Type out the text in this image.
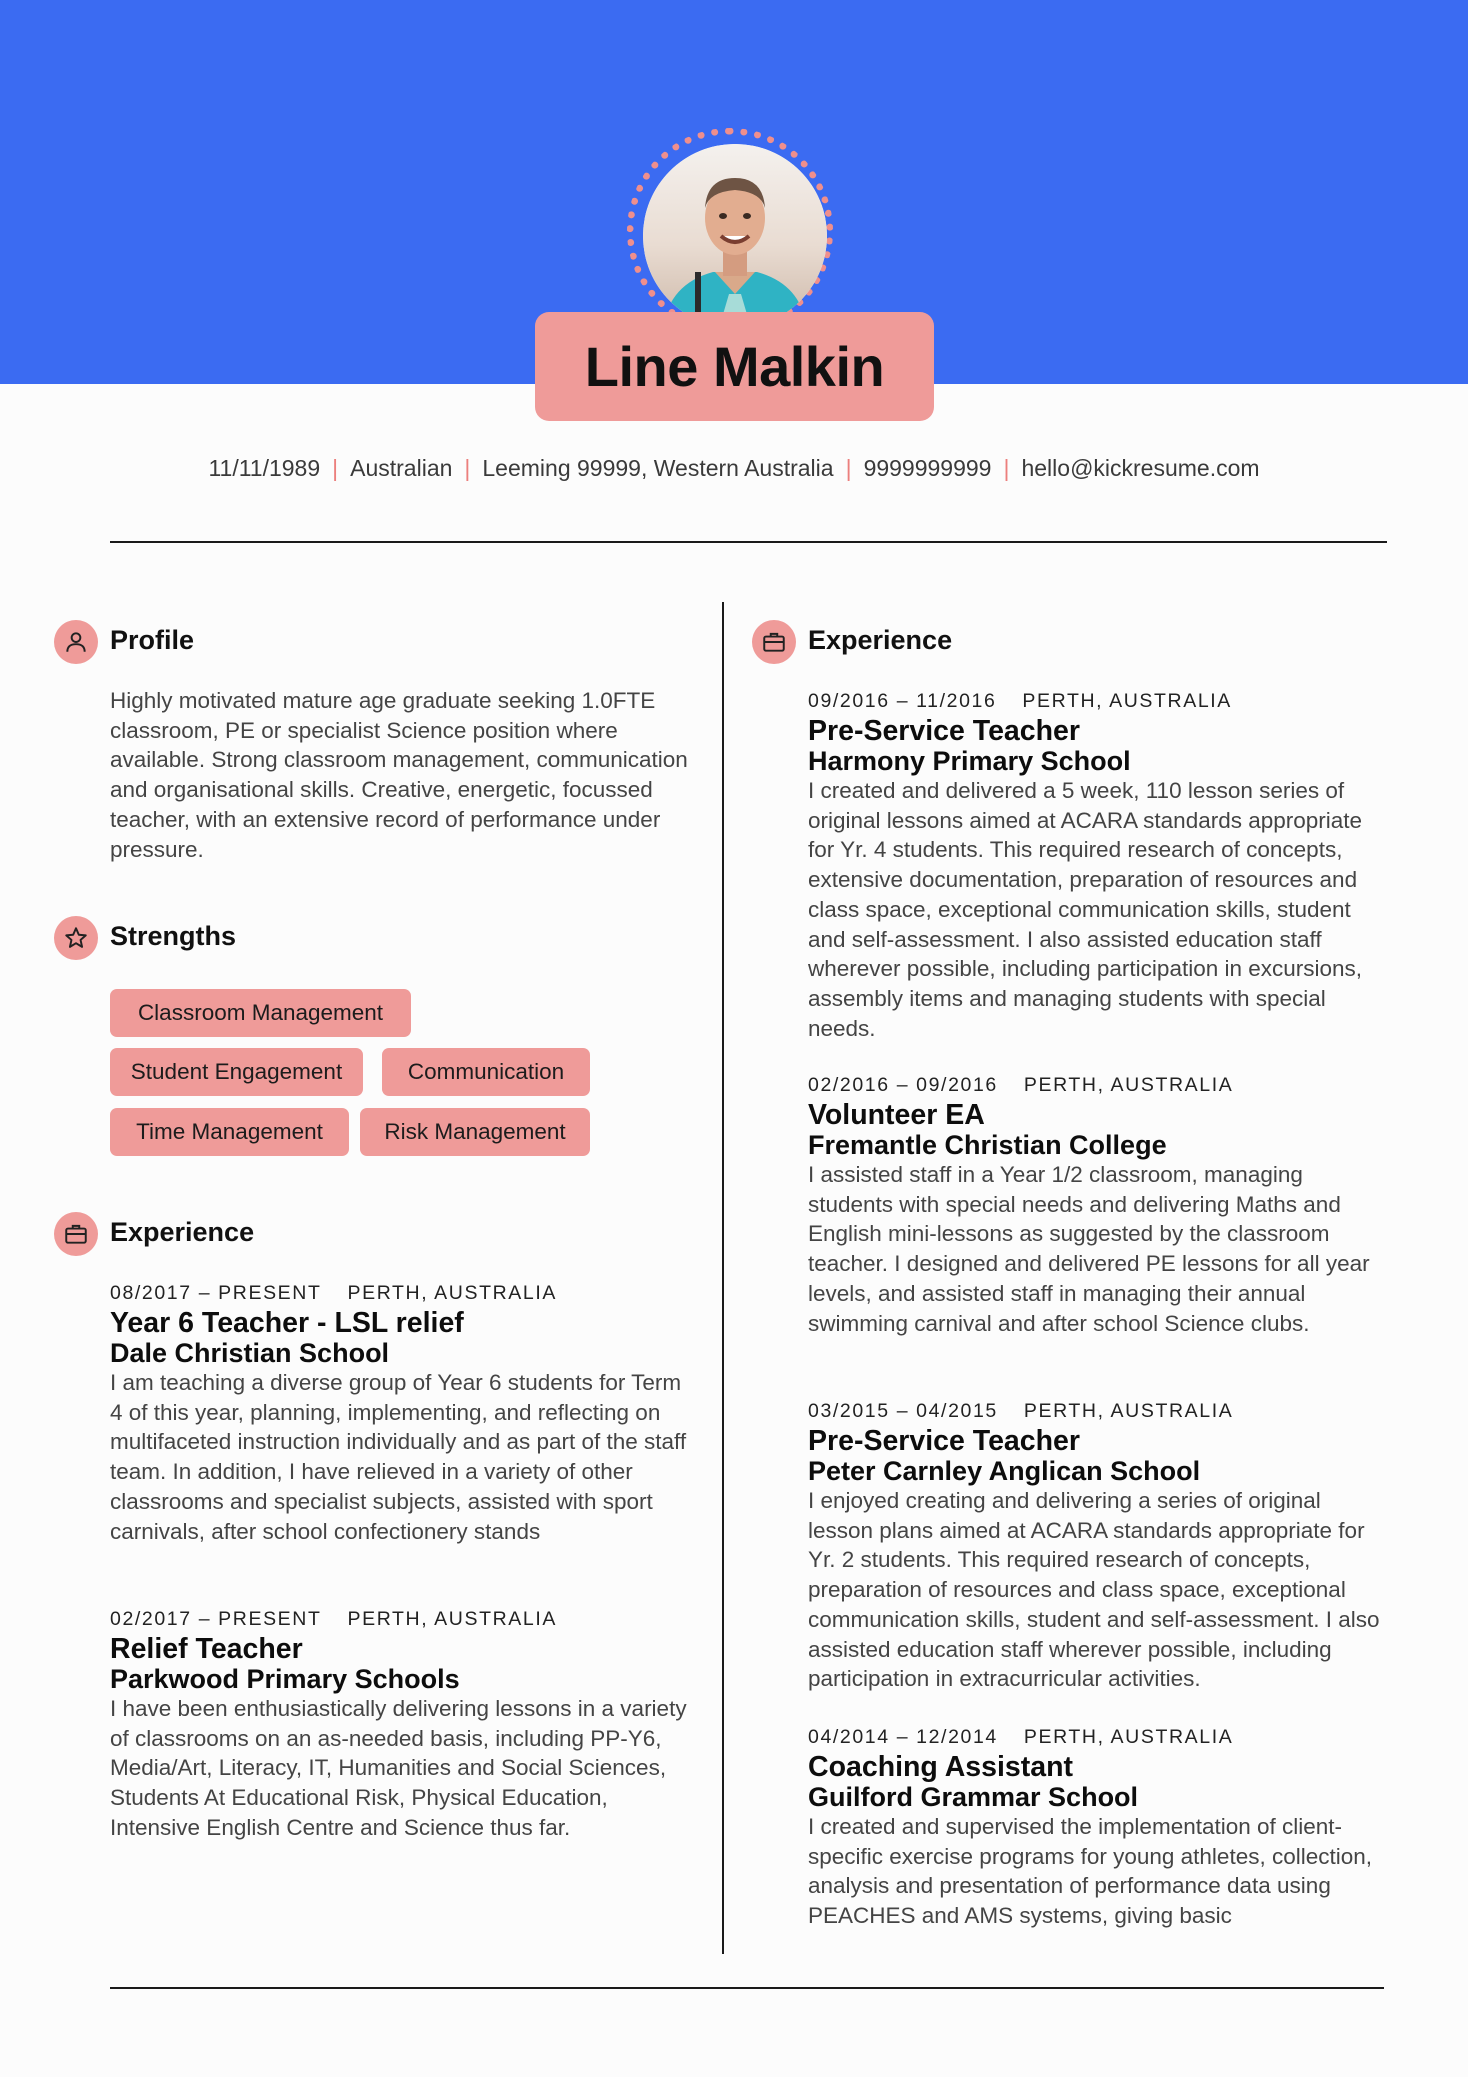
Line Malkin
11/11/1989 | Australian | Leeming 99999, Western Australia | 9999999999 | hello@kickresume.com
Profile
Highly motivated mature age graduate seeking 1.0FTE classroom, PE or specialist Science position where available. Strong classroom management, communication and organisational skills. Creative, energetic, focussed teacher, with an extensive record of performance under pressure.
Strengths
Classroom Management
Student Engagement	Communication
Time Management	Risk Management
Experience
08/2017 – PRESENT PERTH, AUSTRALIA
Year 6 Teacher - LSL relief
Dale Christian School
I am teaching a diverse group of Year 6 students for Term 4 of this year, planning, implementing, and reflecting on multifaceted instruction individually and as part of the staff team. In addition, I have relieved in a variety of other classrooms and specialist subjects, assisted with sport carnivals, after school confectionery stands
02/2017 – PRESENT PERTH, AUSTRALIA
Relief Teacher
Parkwood Primary Schools
I have been enthusiastically delivering lessons in a variety of classrooms on an as-needed basis, including PP-Y6, Media/Art, Literacy, IT, Humanities and Social Sciences, Students At Educational Risk, Physical Education, Intensive English Centre and Science thus far.
Experience
09/2016 – 11/2016 PERTH, AUSTRALIA
Pre-Service Teacher
Harmony Primary School
I created and delivered a 5 week, 110 lesson series of original lessons aimed at ACARA standards appropriate for Yr. 4 students. This required research of concepts, extensive documentation, preparation of resources and class space, exceptional communication skills, student and self-assessment. I also assisted education staff wherever possible, including participation in excursions, assembly items and managing students with special needs.
02/2016 – 09/2016 PERTH, AUSTRALIA
Volunteer EA
Fremantle Christian College
I assisted staff in a Year 1/2 classroom, managing students with special needs and delivering Maths and English mini-lessons as suggested by the classroom teacher. I designed and delivered PE lessons for all year levels, and assisted staff in managing their annual swimming carnival and after school Science clubs.
03/2015 – 04/2015 PERTH, AUSTRALIA
Pre-Service Teacher
Peter Carnley Anglican School
I enjoyed creating and delivering a series of original lesson plans aimed at ACARA standards appropriate for Yr. 2 students. This required research of concepts, preparation of resources and class space, exceptional communication skills, student and self-assessment. I also assisted education staff wherever possible, including participation in extracurricular activities.
04/2014 – 12/2014 PERTH, AUSTRALIA
Coaching Assistant
Guilford Grammar School
I created and supervised the implementation of client-specific exercise programs for young athletes, collection, analysis and presentation of performance data using PEACHES and AMS systems, giving basic
